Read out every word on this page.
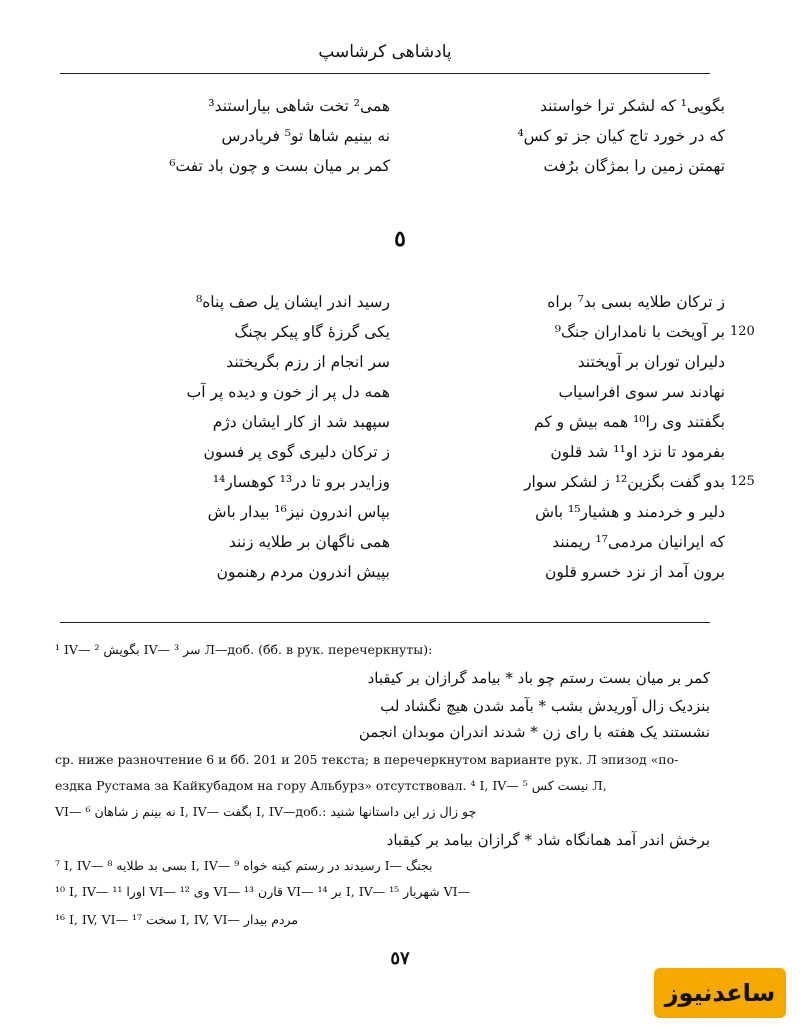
پادشاهی کرشاسپ
بگویی¹ که لشکر ترا خواستند
که در خورد تاج کیان جز تو کس⁴
تهمتن زمین را بمژگان برُفت
همی² تخت شاهی بیاراستند³
نه بینیم شاها تو⁵ فریادرس
کمر بر میان بست و چون باد تفت⁶
٥
ز ترکان طلایه بسی بد⁷ براه
بر آویخت با نامداران جنگ⁹
دلیران توران بر آویختند
نهادند سر سوی افراسیاب
بگفتند وی را¹⁰ همه بیش و کم
بفرمود تا نزد او¹¹ شد قلون
بدو گفت بگزین¹² ز لشکر سوار
دلیر و خردمند و هشیار¹⁵ باش
که ایرانیان مردمی¹⁷ ریمنند
برون آمد از نزد خسرو قلون
رسید اندر ایشان یل صف پناه⁸
یکی گرزهٔ گاو پیکر بچنگ
سر انجام از رزم بگریختند
همه دل پر از خون و دیده پر آب
سپهبد شد از کار ایشان دژم
ز ترکان دلیری گوی پر فسون
وزایدر برو تا در¹³ کوهسار¹⁴
بپاس اندرون نیز¹⁶ بیدار باش
همی ناگهان بر طلایه زنند
بپیش اندرون مردم رهنمون
120
125
¹ IV— بگویش ² IV— سر ³ Л—доб. (бб. в рук. перечеркнуты):
کمر بر میان بست رستم چو باد * بیامد گرازان بر کیقباد
بنزدیک زال آوریدش بشب * بآمد شدن هیچ نگشاد لب
نشستند یک هفته با رای زن * شدند اندران موبدان انجمن
ср. ниже разночтение 6 и бб. 201 и 205 текста; в перечеркнутом варианте рук. Л эпизод «по-
ездка Рустама за Кайкубадом на гору Альбурз» отсутствовал. ⁴ I, IV— نیست کس ⁵ Л,
VI— نه بینم ز شاهان ⁶ I, IV— بگفت I, IV—доб.: چو زال زر این داستانها شنید
برخش اندر آمد همانگاه شاد * گرازان بیامد بر کیقباد
⁷ I, IV— بسی بد طلایه ⁸ I, IV— رسیدند در رستم کینه خواه ⁹ I— بجنگ
¹⁰ I, IV— اورا ¹¹ VI— وی ¹² VI— قارن ¹³ VI— بر ¹⁴ I, IV— شهریار ¹⁵ VI—
¹⁶ I, IV, VI— سخت ¹⁷ I, IV, VI— مردم بیدار
٥٧
ساعدنیوز
